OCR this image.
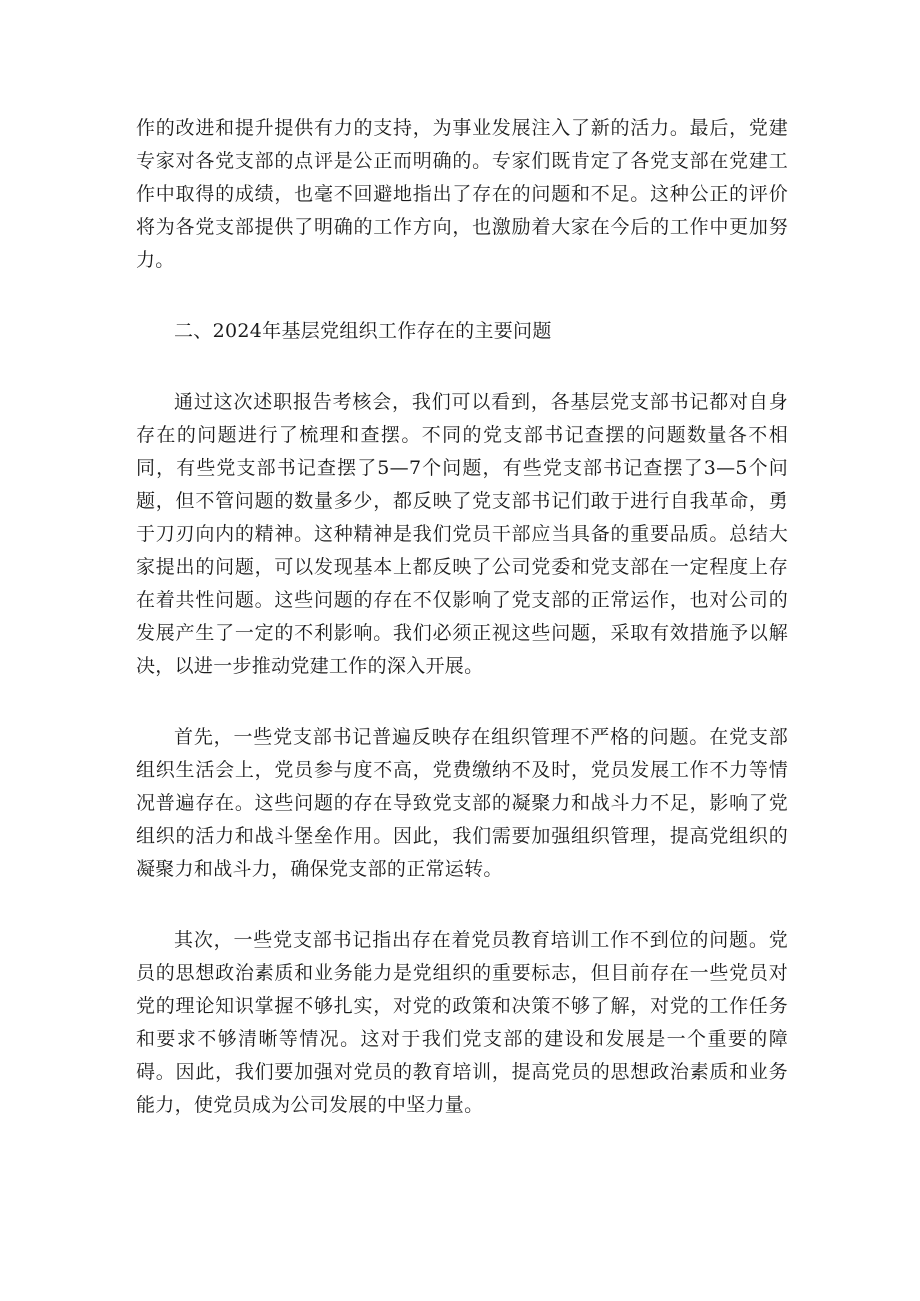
作的改进和提升提供有力的支持，为事业发展注入了新的活力。最后，党建专家对各党支部的点评是公正而明确的。专家们既肯定了各党支部在党建工作中取得的成绩，也毫不回避地指出了存在的问题和不足。这种公正的评价将为各党支部提供了明确的工作方向，也激励着大家在今后的工作中更加努力。

二、2024年基层党组织工作存在的主要问题

通过这次述职报告考核会，我们可以看到，各基层党支部书记都对自身存在的问题进行了梳理和查摆。不同的党支部书记查摆的问题数量各不相同，有些党支部书记查摆了5—7个问题，有些党支部书记查摆了3—5个问题，但不管问题的数量多少，都反映了党支部书记们敢于进行自我革命，勇于刀刃向内的精神。这种精神是我们党员干部应当具备的重要品质。总结大家提出的问题，可以发现基本上都反映了公司党委和党支部在一定程度上存在着共性问题。这些问题的存在不仅影响了党支部的正常运作，也对公司的发展产生了一定的不利影响。我们必须正视这些问题，采取有效措施予以解决，以进一步推动党建工作的深入开展。

首先，一些党支部书记普遍反映存在组织管理不严格的问题。在党支部组织生活会上，党员参与度不高，党费缴纳不及时，党员发展工作不力等情况普遍存在。这些问题的存在导致党支部的凝聚力和战斗力不足，影响了党组织的活力和战斗堡垒作用。因此，我们需要加强组织管理，提高党组织的凝聚力和战斗力，确保党支部的正常运转。

其次，一些党支部书记指出存在着党员教育培训工作不到位的问题。党员的思想政治素质和业务能力是党组织的重要标志，但目前存在一些党员对党的理论知识掌握不够扎实，对党的政策和决策不够了解，对党的工作任务和要求不够清晰等情况。这对于我们党支部的建设和发展是一个重要的障碍。因此，我们要加强对党员的教育培训，提高党员的思想政治素质和业务能力，使党员成为公司发展的中坚力量。
